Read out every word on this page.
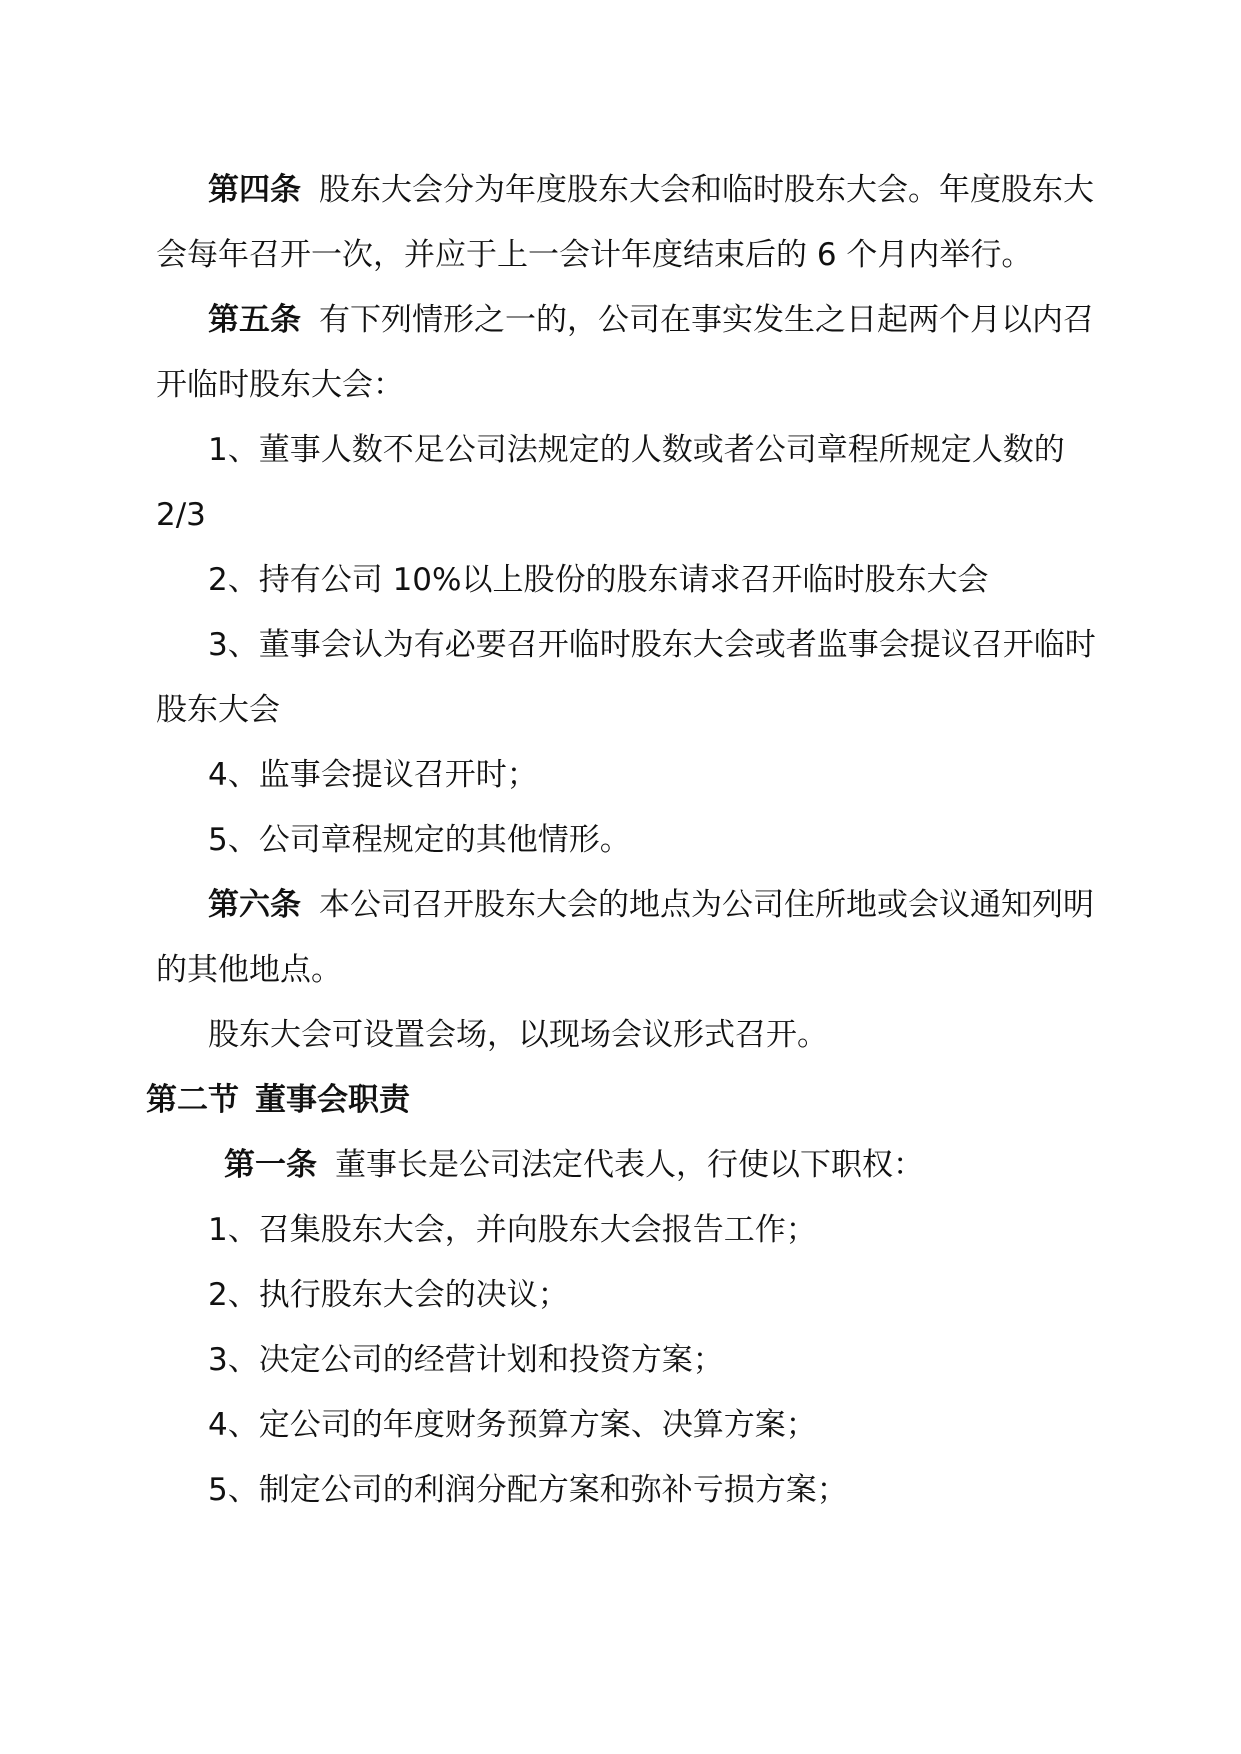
第四条 股东大会分为年度股东大会和临时股东大会。年度股东大会每年召开一次，并应于上一会计年度结束后的 6 个月内举行。

第五条 有下列情形之一的，公司在事实发生之日起两个月以内召开临时股东大会：

1、董事人数不足公司法规定的人数或者公司章程所规定人数的 2/3

2、持有公司 10%以上股份的股东请求召开临时股东大会

3、董事会认为有必要召开临时股东大会或者监事会提议召开临时股东大会

4、监事会提议召开时；

5、公司章程规定的其他情形。

第六条 本公司召开股东大会的地点为公司住所地或会议通知列明的其他地点。

股东大会可设置会场，以现场会议形式召开。

第二节 董事会职责

第一条 董事长是公司法定代表人，行使以下职权：

1、召集股东大会，并向股东大会报告工作；

2、执行股东大会的决议；

3、决定公司的经营计划和投资方案；

4、定公司的年度财务预算方案、决算方案；

5、制定公司的利润分配方案和弥补亏损方案；
